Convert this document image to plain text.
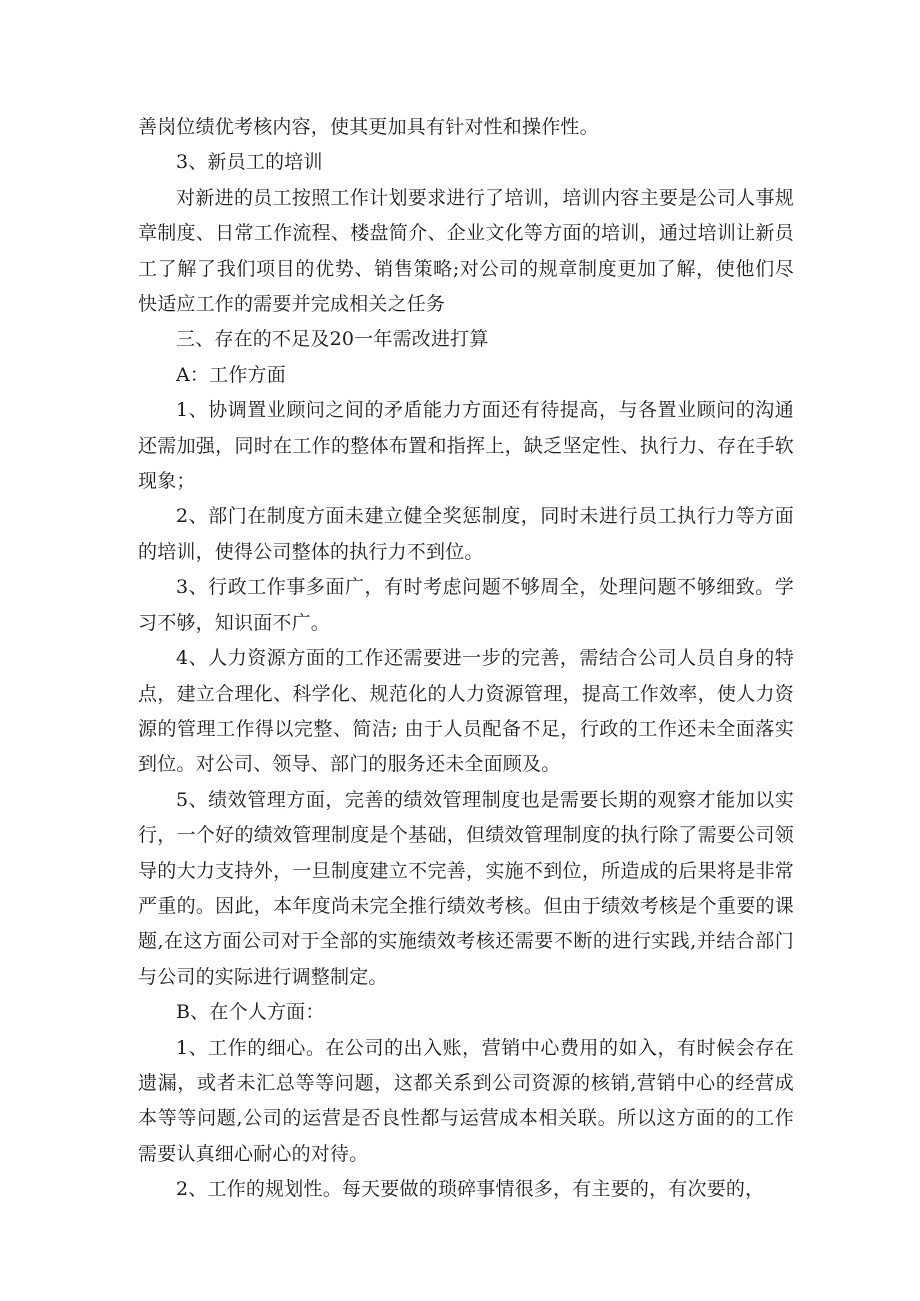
善岗位绩优考核内容，使其更加具有针对性和操作性。

3、新员工的培训

对新进的员工按照工作计划要求进行了培训，培训内容主要是公司人事规章制度、日常工作流程、楼盘简介、企业文化等方面的培训，通过培训让新员工了解了我们项目的优势、销售策略;对公司的规章制度更加了解，使他们尽快适应工作的需要并完成相关之任务

三、存在的不足及20一年需改进打算

A：工作方面

1、协调置业顾问之间的矛盾能力方面还有待提高，与各置业顾问的沟通还需加强，同时在工作的整体布置和指挥上，缺乏坚定性、执行力、存在手软现象；

2、部门在制度方面未建立健全奖惩制度，同时未进行员工执行力等方面的培训，使得公司整体的执行力不到位。

3、行政工作事多面广，有时考虑问题不够周全，处理问题不够细致。学习不够，知识面不广。

4、人力资源方面的工作还需要进一步的完善，需结合公司人员自身的特点，建立合理化、科学化、规范化的人力资源管理，提高工作效率，使人力资源的管理工作得以完整、简洁; 由于人员配备不足，行政的工作还未全面落实到位。对公司、领导、部门的服务还未全面顾及。

5、绩效管理方面，完善的绩效管理制度也是需要长期的观察才能加以实行，一个好的绩效管理制度是个基础，但绩效管理制度的执行除了需要公司领导的大力支持外，一旦制度建立不完善，实施不到位，所造成的后果将是非常严重的。因此，本年度尚未完全推行绩效考核。但由于绩效考核是个重要的课题,在这方面公司对于全部的实施绩效考核还需要不断的进行实践,并结合部门与公司的实际进行调整制定。

B、在个人方面：

1、工作的细心。在公司的出入账，营销中心费用的如入，有时候会存在遗漏，或者未汇总等等问题，这都关系到公司资源的核销,营销中心的经营成本等等问题,公司的运营是否良性都与运营成本相关联。所以这方面的的工作需要认真细心耐心的对待。

2、工作的规划性。每天要做的琐碎事情很多，有主要的，有次要的，
